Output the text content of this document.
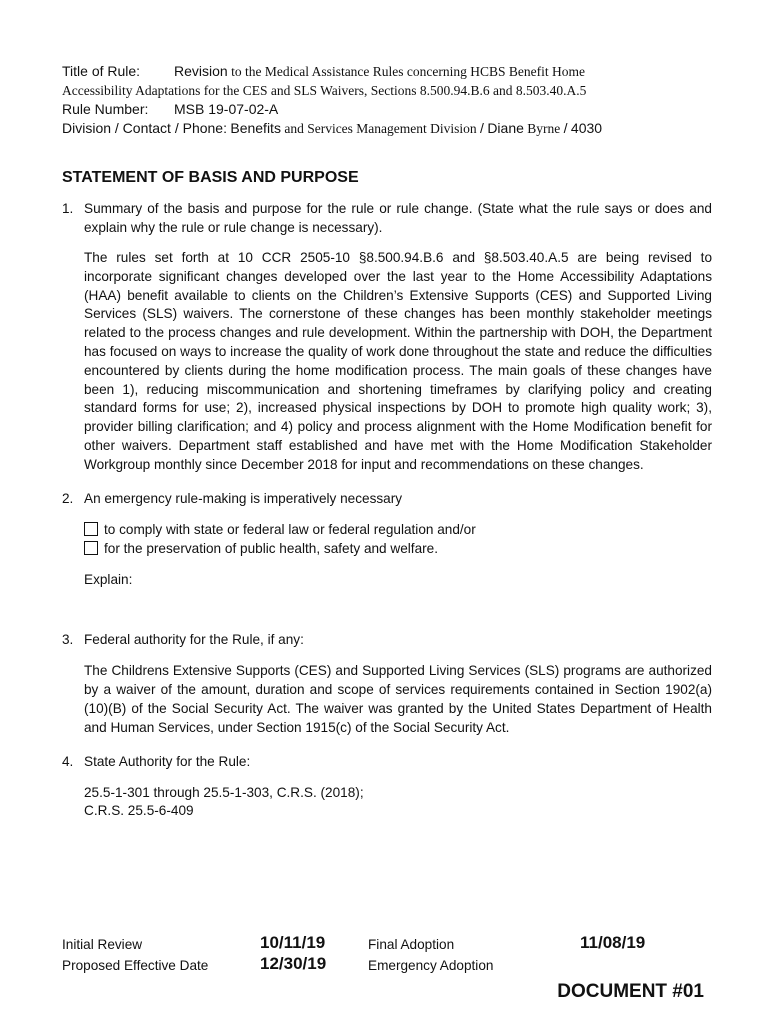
Title of Rule: Revision to the Medical Assistance Rules concerning HCBS Benefit Home
Accessibility Adaptations for the CES and SLS Waivers, Sections 8.500.94.B.6 and 8.503.40.A.5
Rule Number: MSB 19-07-02-A
Division / Contact / Phone: Benefits and Services Management Division / Diane Byrne / 4030
STATEMENT OF BASIS AND PURPOSE
1. Summary of the basis and purpose for the rule or rule change. (State what the rule says or does and explain why the rule or rule change is necessary).
The rules set forth at 10 CCR 2505-10 §8.500.94.B.6 and §8.503.40.A.5 are being revised to incorporate significant changes developed over the last year to the Home Accessibility Adaptations (HAA) benefit available to clients on the Children’s Extensive Supports (CES) and Supported Living Services (SLS) waivers. The cornerstone of these changes has been monthly stakeholder meetings related to the process changes and rule development. Within the partnership with DOH, the Department has focused on ways to increase the quality of work done throughout the state and reduce the difficulties encountered by clients during the home modification process. The main goals of these changes have been 1), reducing miscommunication and shortening timeframes by clarifying policy and creating standard forms for use; 2), increased physical inspections by DOH to promote high quality work; 3), provider billing clarification; and 4) policy and process alignment with the Home Modification benefit for other waivers. Department staff established and have met with the Home Modification Stakeholder Workgroup monthly since December 2018 for input and recommendations on these changes.
2. An emergency rule-making is imperatively necessary
to comply with state or federal law or federal regulation and/or
for the preservation of public health, safety and welfare.
Explain:
3. Federal authority for the Rule, if any:
The Childrens Extensive Supports (CES) and Supported Living Services (SLS) programs are authorized by a waiver of the amount, duration and scope of services requirements contained in Section 1902(a)(10)(B) of the Social Security Act. The waiver was granted by the United States Department of Health and Human Services, under Section 1915(c) of the Social Security Act.
4. State Authority for the Rule:
25.5-1-301 through 25.5-1-303, C.R.S. (2018);
C.R.S. 25.5-6-409
Initial Review	10/11/19	Final Adoption	11/08/19
Proposed Effective Date	12/30/19	Emergency Adoption
DOCUMENT #01
